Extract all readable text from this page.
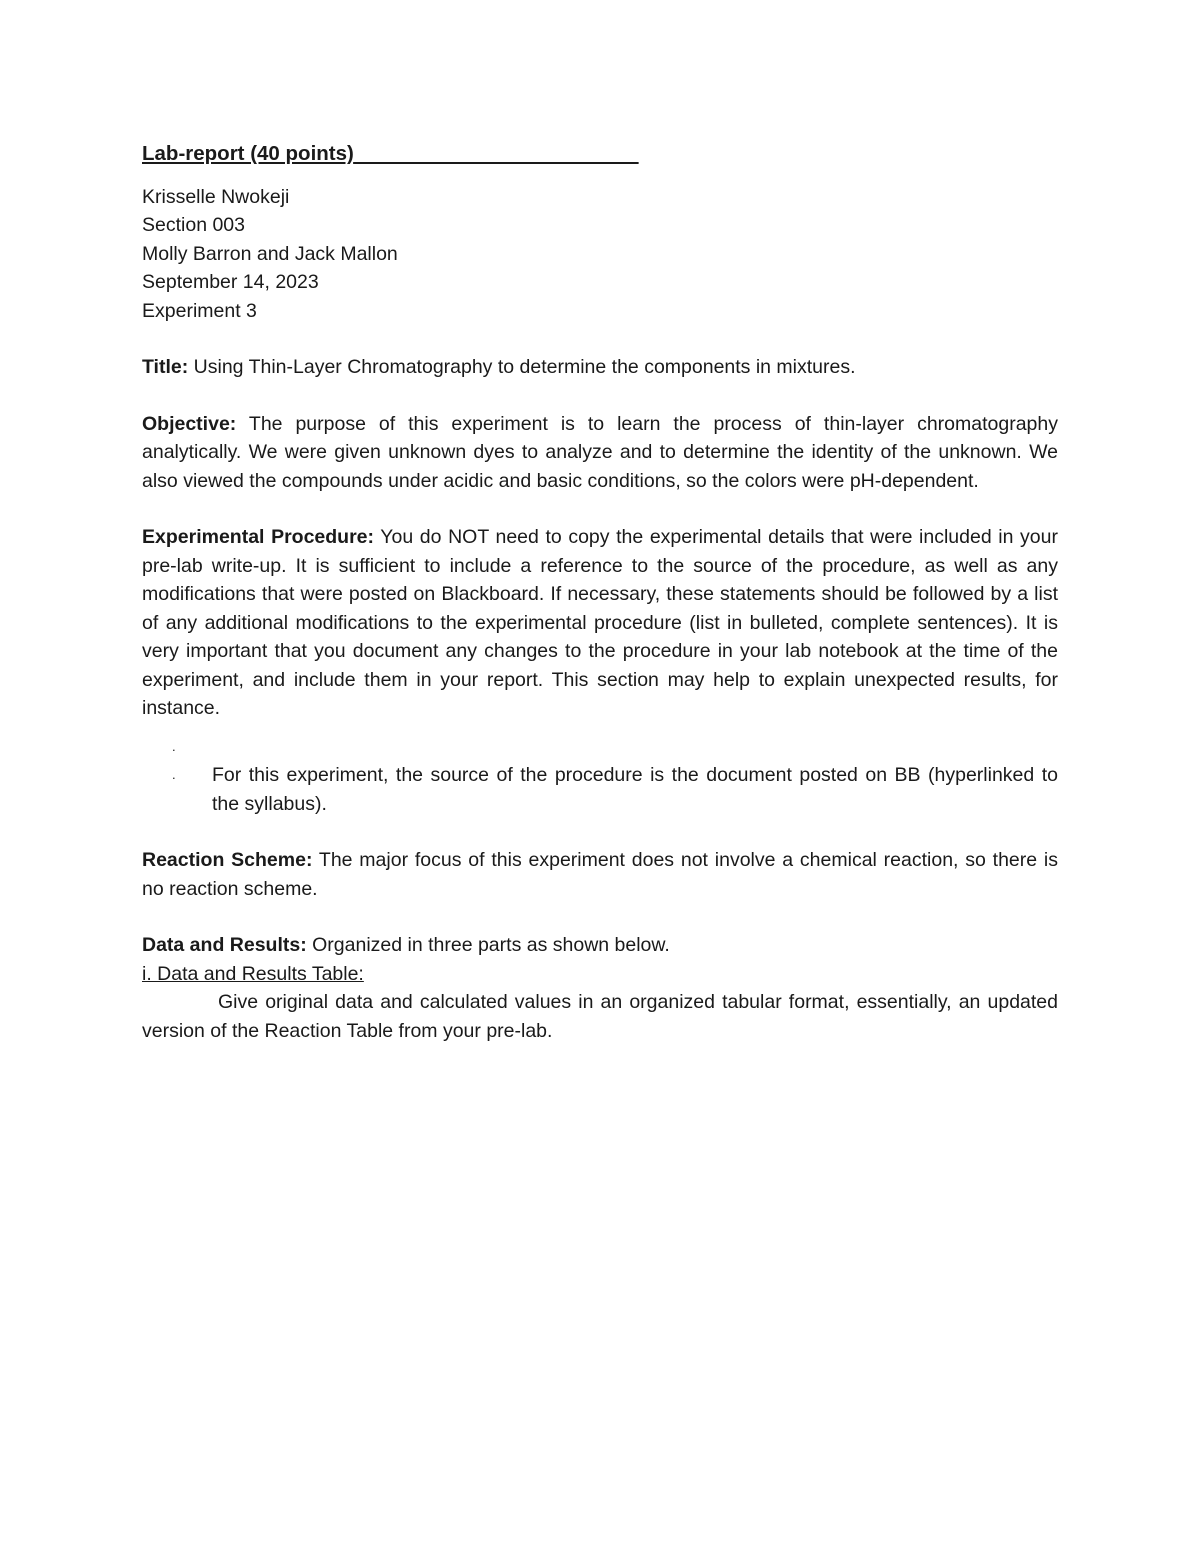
Lab-report (40 points)

Krisselle Nwokeji

Section 003

Molly Barron and Jack Mallon

September 14, 2023

Experiment 3

Title: Using Thin-Layer Chromatography to determine the components in mixtures.

Objective: The purpose of this experiment is to learn the process of thin-layer chromatography analytically. We were given unknown dyes to analyze and to determine the identity of the unknown. We also viewed the compounds under acidic and basic conditions, so the colors were pH-dependent.

Experimental Procedure: You do NOT need to copy the experimental details that were included in your pre-lab write-up. It is sufficient to include a reference to the source of the procedure, as well as any modifications that were posted on Blackboard. If necessary, these statements should be followed by a list of any additional modifications to the experimental procedure (list in bulleted, complete sentences). It is very important that you document any changes to the procedure in your lab notebook at the time of the experiment, and include them in your report. This section may help to explain unexpected results, for instance.

.
.	For this experiment, the source of the procedure is the document posted on BB (hyperlinked to the syllabus).

Reaction Scheme: The major focus of this experiment does not involve a chemical reaction, so there is no reaction scheme.

Data and Results: Organized in three parts as shown below.

i. Data and Results Table:

Give original data and calculated values in an organized tabular format, essentially, an updated version of the Reaction Table from your pre-lab.
